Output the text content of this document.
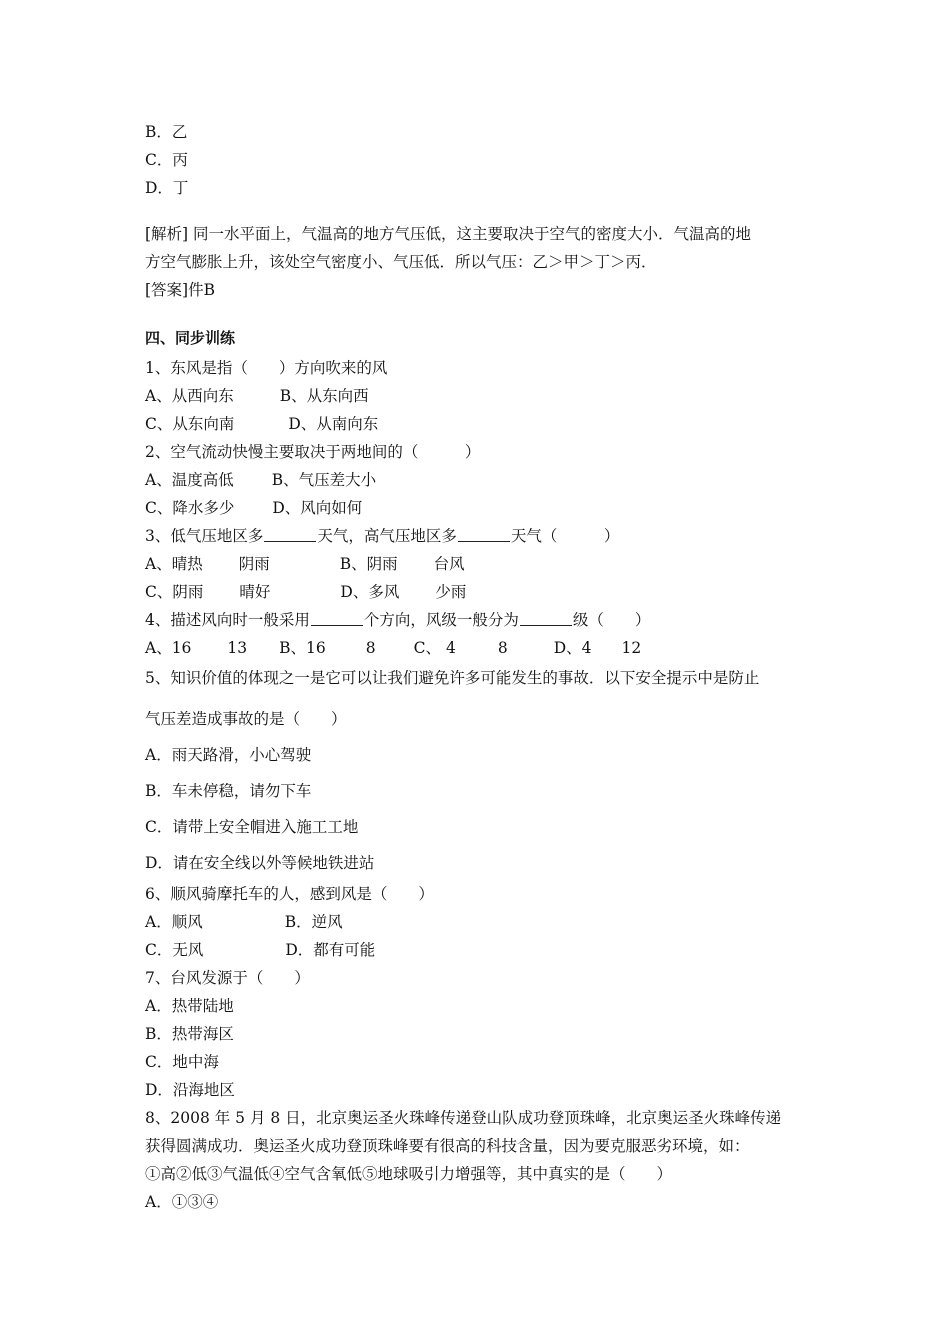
B．乙
C．丙
D．丁
[解析] 同一水平面上，气温高的地方气压低，这主要取决于空气的密度大小．气温高的地
方空气膨胀上升，该处空气密度小、气压低．所以气压：乙＞甲＞丁＞丙．
[答案]件B
四、同步训练
1、东风是指（　　）方向吹来的风
A、从西向东	B、从东向西
C、从东向南	D、从南向东
2、空气流动快慢主要取决于两地间的（　　　）
A、温度高低 B、气压差大小
C、降水多少 D、风向如何
3、低气压地区多	天气，高气压地区多	天气（　　　）
A、晴热 阴雨	B、阴雨 台风
C、阴雨 晴好	D、多风 少雨
4、描述风向时一般采用	个方向，风级一般分为	级（　　）
A、16 13 B、16	8 C、 4	8	D、4 12
5、知识价值的体现之一是它可以让我们避免许多可能发生的事故．以下安全提示中是防止
气压差造成事故的是（　　）
A．雨天路滑，小心驾驶
B．车未停稳，请勿下车
C．请带上安全帽进入施工工地
D．请在安全线以外等候地铁进站
6、顺风骑摩托车的人，感到风是（　　）
A．顺风	B．逆风
C．无风	D．都有可能
7、台风发源于（　　）
A．热带陆地
B．热带海区
C．地中海
D．沿海地区
8、2008 年 5 月 8 日，北京奥运圣火珠峰传递登山队成功登顶珠峰，北京奥运圣火珠峰传递
获得圆满成功．奥运圣火成功登顶珠峰要有很高的科技含量，因为要克服恶劣环境，如：
①高②低③气温低④空气含氧低⑤地球吸引力增强等，其中真实的是（　　）
A．①③④
